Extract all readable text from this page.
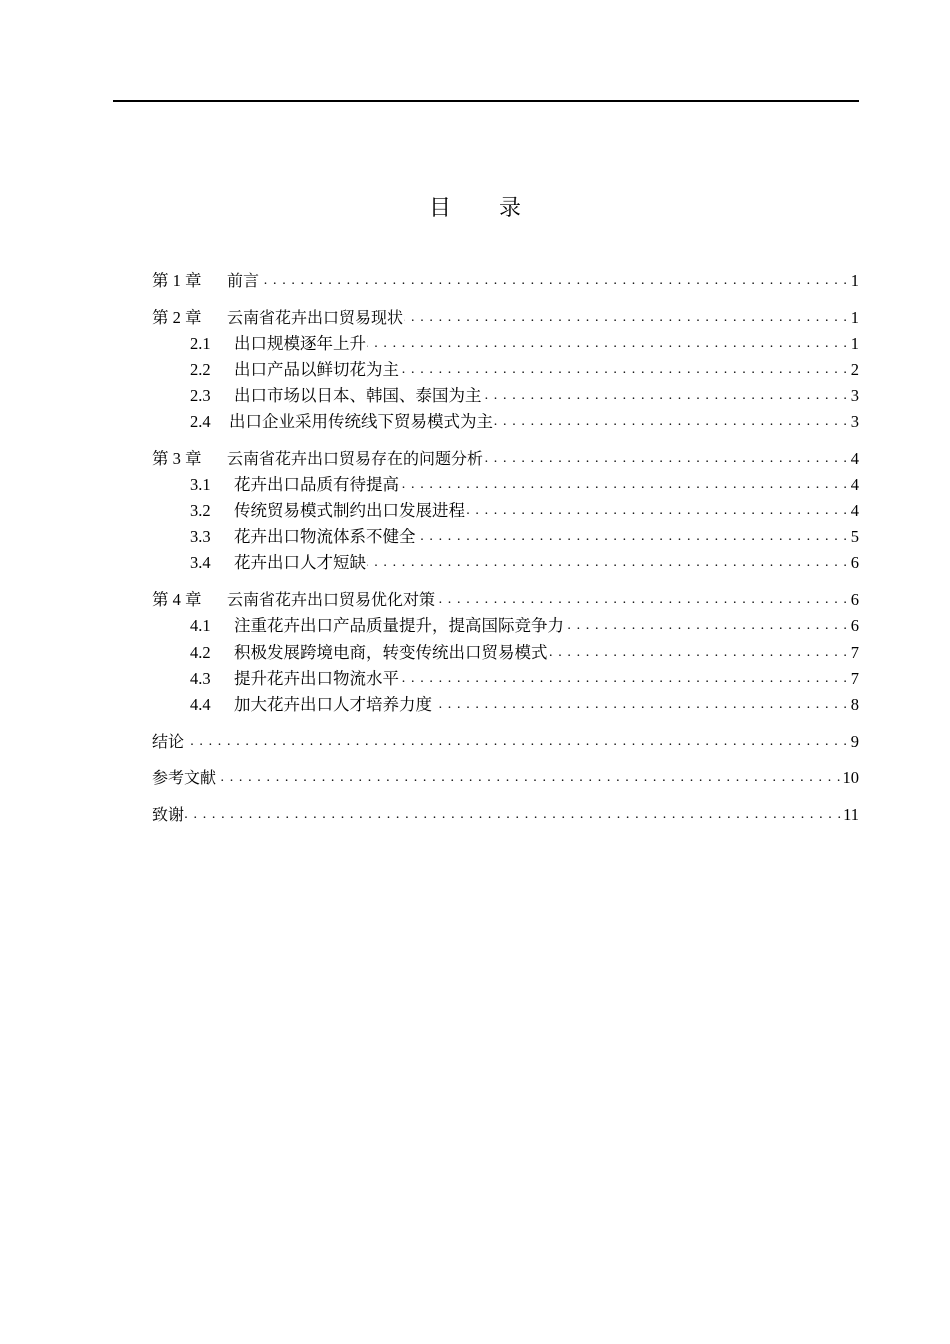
目录
第 1 章	前言 . . .	1
第 2 章	云南省花卉出口贸易现状 . . .	1
2.1	出口规模逐年上升 . . .	1
2.2	出口产品以鲜切花为主 . . .	2
2.3	出口市场以日本、韩国、泰国为主 . . .	3
2.4	出口企业采用传统线下贸易模式为主 . . .	3
第 3 章	云南省花卉出口贸易存在的问题分析 . . .	4
3.1	花卉出口品质有待提高 . . .	4
3.2	传统贸易模式制约出口发展进程 . . .	4
3.3	花卉出口物流体系不健全 . . .	5
3.4	花卉出口人才短缺 . . .	6
第 4 章	云南省花卉出口贸易优化对策 . . .	6
4.1	注重花卉出口产品质量提升，提高国际竞争力 . . .	6
4.2	积极发展跨境电商，转变传统出口贸易模式 . . .	7
4.3	提升花卉出口物流水平 . . .	7
4.4	加大花卉出口人才培养力度 . . .	8
结论 . . .	9
参考文献 . . .	10
致谢 . . .	11
